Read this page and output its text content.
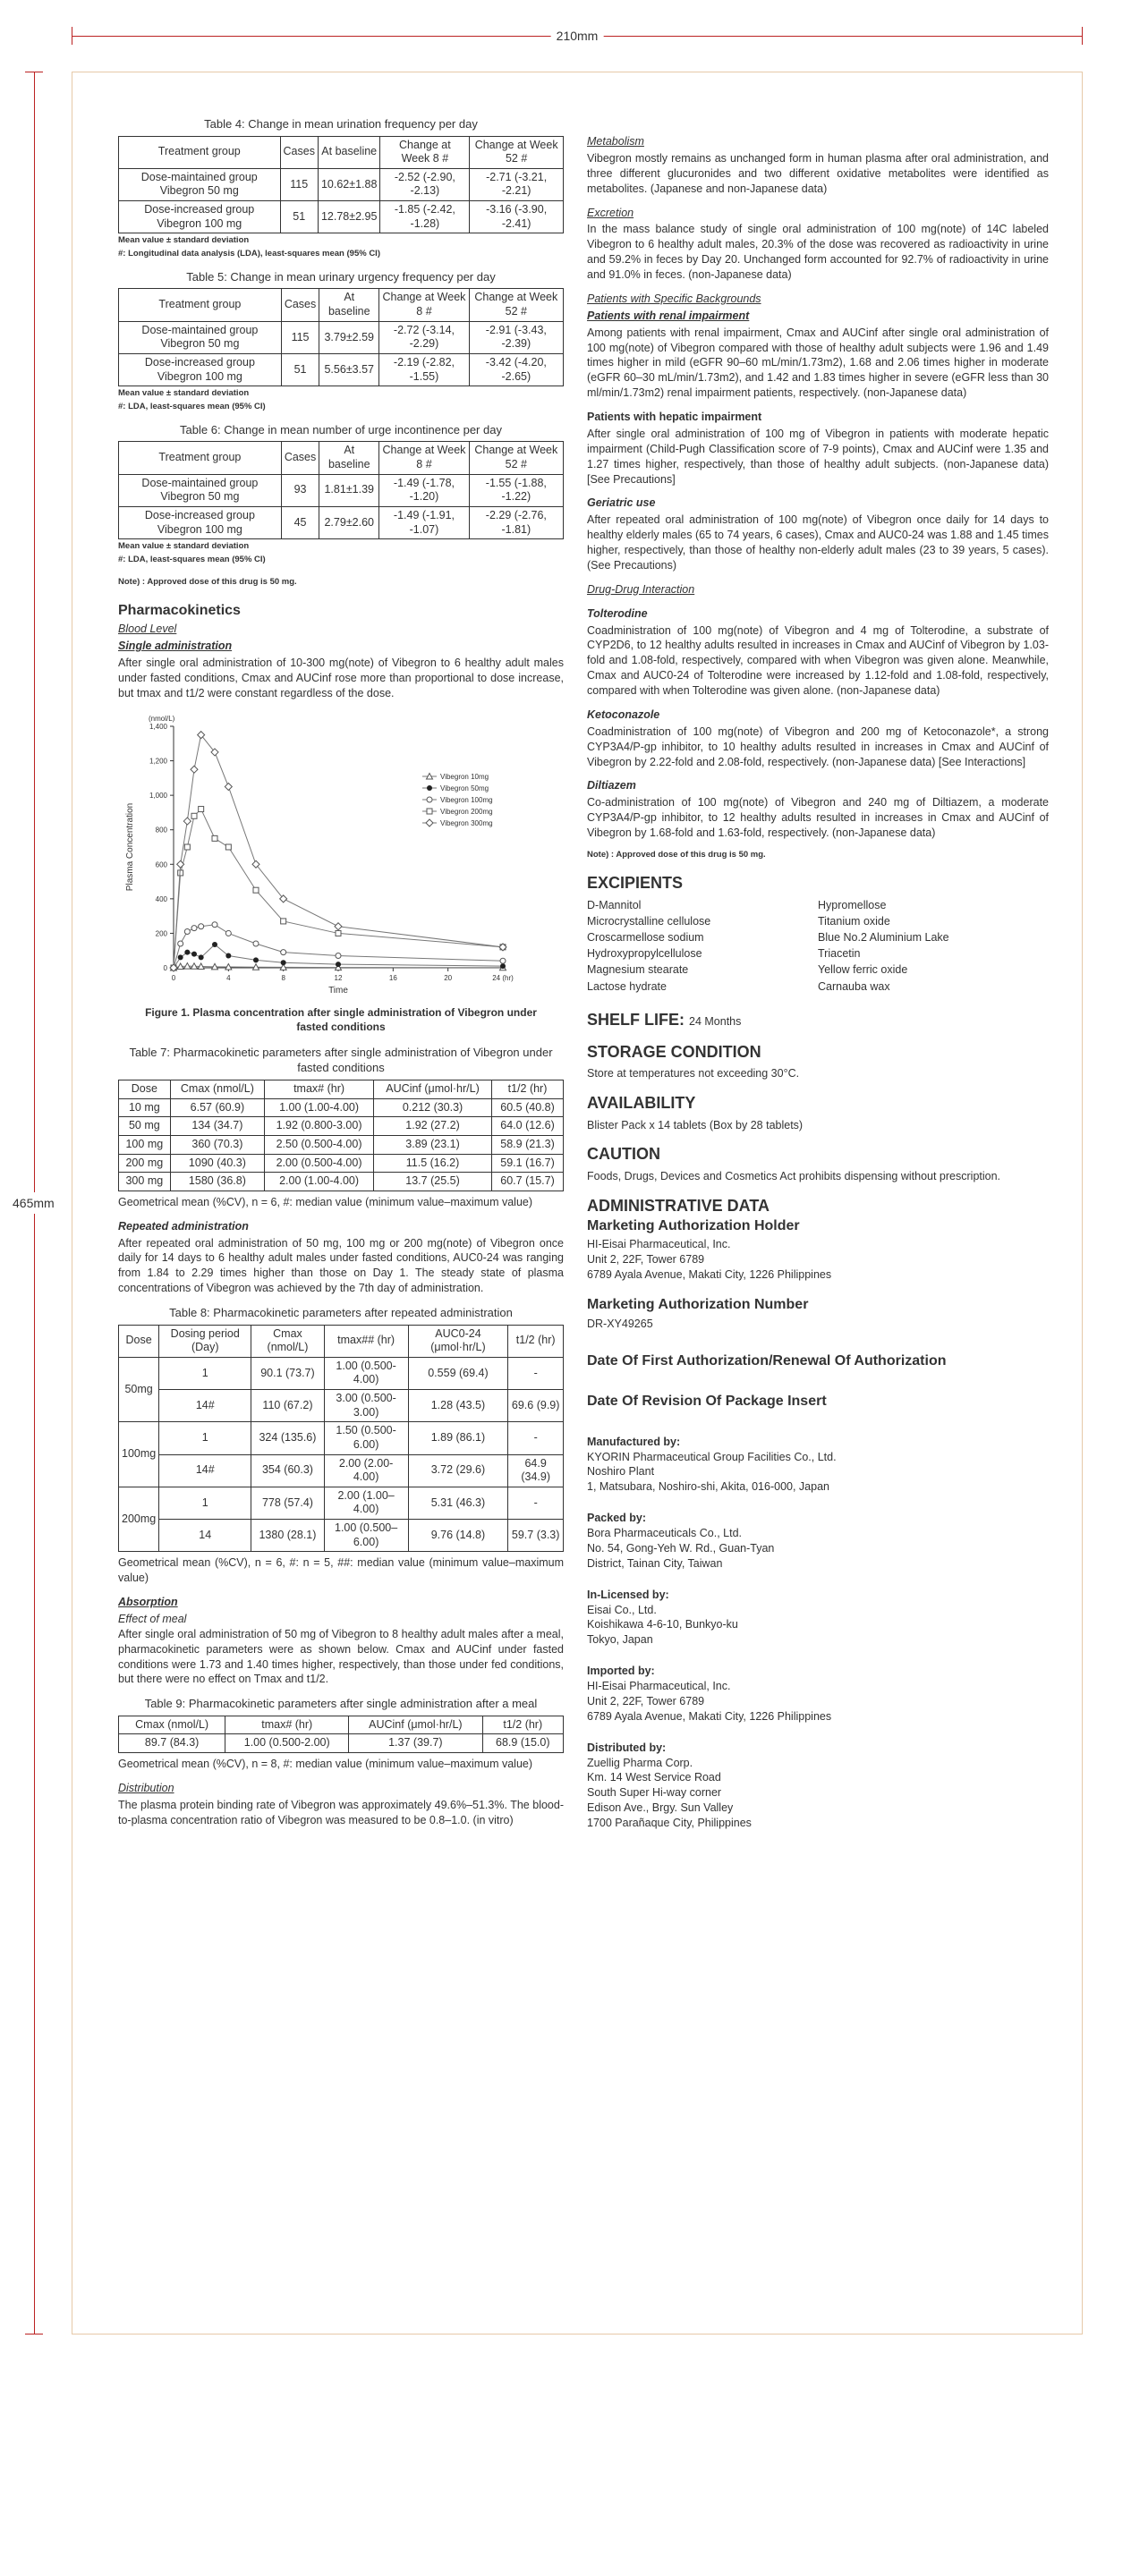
210mm
465mm
Table 4: Change in mean urination frequency per day
Treatment group	Cases	At baseline	Change at Week 8 #	Change at Week 52 #
Dose-maintained group Vibegron 50 mg	115	10.62±1.88	-2.52 (-2.90, -2.13)	-2.71 (-3.21, -2.21)
Dose-increased group Vibegron 100 mg	51	12.78±2.95	-1.85 (-2.42, -1.28)	-3.16 (-3.90, -2.41)
Mean value ± standard deviation
#: Longitudinal data analysis (LDA), least-squares mean (95% CI)
Table 5: Change in mean urinary urgency frequency per day
Treatment group	Cases	At baseline	Change at Week 8 #	Change at Week 52 #
Dose-maintained group Vibegron 50 mg	115	3.79±2.59	-2.72 (-3.14, -2.29)	-2.91 (-3.43, -2.39)
Dose-increased group Vibegron 100 mg	51	5.56±3.57	-2.19 (-2.82, -1.55)	-3.42 (-4.20, -2.65)
Mean value ± standard deviation
#: LDA, least-squares mean (95% CI)
Table 6: Change in mean number of urge incontinence per day
Treatment group	Cases	At baseline	Change at Week 8 #	Change at Week 52 #
Dose-maintained group Vibegron 50 mg	93	1.81±1.39	-1.49 (-1.78, -1.20)	-1.55 (-1.88, -1.22)
Dose-increased group Vibegron 100 mg	45	2.79±2.60	-1.49 (-1.91, -1.07)	-2.29 (-2.76, -1.81)
Mean value ± standard deviation
#: LDA, least-squares mean (95% CI)
Note) : Approved dose of this drug is 50 mg.
Pharmacokinetics
Blood Level
Single administration

After single oral administration of 10-300 mg(note) of Vibegron to 6 healthy adult males under fasted conditions, Cmax and AUCinf rose more than proportional to dose increase, but tmax and t1/2 were constant regardless of the dose.

0
200
400
600
800
1,000
1,200
1,400
0	4	8	12	16	20	24 (hr)
Time
(nmol/L)
Plasma Concentration
Vibegron 10mg
Vibegron 50mg
Vibegron 100mg
Vibegron 200mg
Vibegron 300mg
Figure 1. Plasma concentration after single administration of Vibegron under fasted conditions
Table 7: Pharmacokinetic parameters after single administration of Vibegron under fasted conditions
Dose	Cmax (nmol/L)	tmax# (hr)	AUCinf (μmol·hr/L)	t1/2 (hr)
10 mg	6.57 (60.9)	1.00 (1.00-4.00)	0.212 (30.3)	60.5 (40.8)
50 mg	134 (34.7)	1.92 (0.800-3.00)	1.92 (27.2)	64.0 (12.6)
100 mg	360 (70.3)	2.50 (0.500-4.00)	3.89 (23.1)	58.9 (21.3)
200 mg	1090 (40.3)	2.00 (0.500-4.00)	11.5 (16.2)	59.1 (16.7)
300 mg	1580 (36.8)	2.00 (1.00-4.00)	13.7 (25.5)	60.7 (15.7)

Geometrical mean (%CV), n = 6, #: median value (minimum value–maximum value)

Repeated administration

After repeated oral administration of 50 mg, 100 mg or 200 mg(note) of Vibegron once daily for 14 days to 6 healthy adult males under fasted conditions, AUC0-24 was ranging from 1.84 to 2.29 times higher than those on Day 1. The steady state of plasma concentrations of Vibegron was achieved by the 7th day of administration.

Table 8: Pharmacokinetic parameters after repeated administration
Dose	Dosing period (Day)	Cmax (nmol/L)	tmax## (hr)	AUC0-24 (μmol·hr/L)	t1/2 (hr)
50mg	1	90.1 (73.7)	1.00 (0.500-4.00)	0.559 (69.4)	-
	14#	110 (67.2)	3.00 (0.500-3.00)	1.28 (43.5)	69.6 (9.9)
100mg	1	324 (135.6)	1.50 (0.500-6.00)	1.89 (86.1)	-
	14#	354 (60.3)	2.00 (2.00-4.00)	3.72 (29.6)	64.9 (34.9)
200mg	1	778 (57.4)	2.00 (1.00–4.00)	5.31 (46.3)	-
	14	1380 (28.1)	1.00 (0.500–6.00)	9.76 (14.8)	59.7 (3.3)

Geometrical mean (%CV), n = 6, #: n = 5, ##: median value (minimum value–maximum value)

Absorption
Effect of meal

After single oral administration of 50 mg of Vibegron to 8 healthy adult males after a meal, pharmacokinetic parameters were as shown below. Cmax and AUCinf under fasted conditions were 1.73 and 1.40 times higher, respectively, than those under fed conditions, but there were no effect on Tmax and t1/2.

Table 9: Pharmacokinetic parameters after single administration after a meal
Cmax (nmol/L)	tmax# (hr)	AUCinf (μmol·hr/L)	t1/2 (hr)
89.7 (84.3)	1.00 (0.500-2.00)	1.37 (39.7)	68.9 (15.0)

Geometrical mean (%CV), n = 8, #: median value (minimum value–maximum value)

Distribution

The plasma protein binding rate of Vibegron was approximately 49.6%–51.3%. The blood-to-plasma concentration ratio of Vibegron was measured to be 0.8–1.0. (in vitro)

Metabolism

Vibegron mostly remains as unchanged form in human plasma after oral administration, and three different glucuronides and two different oxidative metabolites were identified as metabolites. (Japanese and non-Japanese data)

Excretion

In the mass balance study of single oral administration of 100 mg(note) of 14C labeled Vibegron to 6 healthy adult males, 20.3% of the dose was recovered as radioactivity in urine and 59.2% in feces by Day 20. Unchanged form accounted for 92.7% of radioactivity in urine and 91.0% in feces. (non-Japanese data)

Patients with Specific Backgrounds
Patients with renal impairment

Among patients with renal impairment, Cmax and AUCinf after single oral administration of 100 mg(note) of Vibegron compared with those of healthy adult subjects were 1.96 and 1.49 times higher in mild (eGFR 90–60 mL/min/1.73m2), 1.68 and 2.06 times higher in moderate (eGFR 60–30 mL/min/1.73m2), and 1.42 and 1.83 times higher in severe (eGFR less than 30 ml/min/1.73m2) renal impairment patients, respectively. (non-Japanese data)

Patients with hepatic impairment

After single oral administration of 100 mg of Vibegron in patients with moderate hepatic impairment (Child-Pugh Classification score of 7-9 points), Cmax and AUCinf were 1.35 and 1.27 times higher, respectively, than those of healthy adult subjects. (non-Japanese data) [See Precautions]

Geriatric use

After repeated oral administration of 100 mg(note) of Vibegron once daily for 14 days to healthy elderly males (65 to 74 years, 6 cases), Cmax and AUC0-24 was 1.88 and 1.45 times higher, respectively, than those of healthy non-elderly adult males (23 to 39 years, 5 cases). (See Precautions)

Drug-Drug Interaction
Tolterodine

Coadministration of 100 mg(note) of Vibegron and 4 mg of Tolterodine, a substrate of CYP2D6, to 12 healthy adults resulted in increases in Cmax and AUCinf of Vibegron by 1.03-fold and 1.08-fold, respectively, compared with when Vibegron was given alone. Meanwhile, Cmax and AUC0-24 of Tolterodine were increased by 1.12-fold and 1.08-fold, respectively, compared with when Tolterodine was given alone. (non-Japanese data)

Ketoconazole

Coadministration of 100 mg(note) of Vibegron and 200 mg of Ketoconazole*, a strong CYP3A4/P-gp inhibitor, to 10 healthy adults resulted in increases in Cmax and AUCinf of Vibegron by 2.22-fold and 2.08-fold, respectively. (non-Japanese data) [See Interactions]

Diltiazem

Co-administration of 100 mg(note) of Vibegron and 240 mg of Diltiazem, a moderate CYP3A4/P-gp inhibitor, to 12 healthy adults resulted in increases in Cmax and AUCinf of Vibegron by 1.68-fold and 1.63-fold, respectively. (non-Japanese data)

Note) : Approved dose of this drug is 50 mg.
EXCIPIENTS
D-Mannitol
Microcrystalline cellulose
Croscarmellose sodium
Hydroxypropylcellulose
Magnesium stearate
Lactose hydrate
Hypromellose
Titanium oxide
Blue No.2 Aluminium Lake
Triacetin
Yellow ferric oxide
Carnauba wax
SHELF LIFE: 24 Months
STORAGE CONDITION

Store at temperatures not exceeding 30°C.

AVAILABILITY

Blister Pack x 14 tablets (Box by 28 tablets)

CAUTION

Foods, Drugs, Devices and Cosmetics Act prohibits dispensing without prescription.

ADMINISTRATIVE DATA
Marketing Authorization Holder

HI-Eisai Pharmaceutical, Inc.

Unit 2, 22F, Tower 6789

6789 Ayala Avenue, Makati City, 1226 Philippines

Marketing Authorization Number

DR-XY49265

Date Of First Authorization/Renewal Of Authorization
Date Of Revision Of Package Insert
Manufactured by:

KYORIN Pharmaceutical Group Facilities Co., Ltd.

Noshiro Plant

1, Matsubara, Noshiro-shi, Akita, 016-000, Japan

Packed by:

Bora Pharmaceuticals Co., Ltd.

No. 54, Gong-Yeh W. Rd., Guan-Tyan

District, Tainan City, Taiwan

In-Licensed by:

Eisai Co., Ltd.

Koishikawa 4-6-10, Bunkyo-ku

Tokyo, Japan

Imported by:

HI-Eisai Pharmaceutical, Inc.

Unit 2, 22F, Tower 6789

6789 Ayala Avenue, Makati City, 1226 Philippines

Distributed by:

Zuellig Pharma Corp.

Km. 14 West Service Road

South Super Hi-way corner

Edison Ave., Brgy. Sun Valley

1700 Parañaque City, Philippines
